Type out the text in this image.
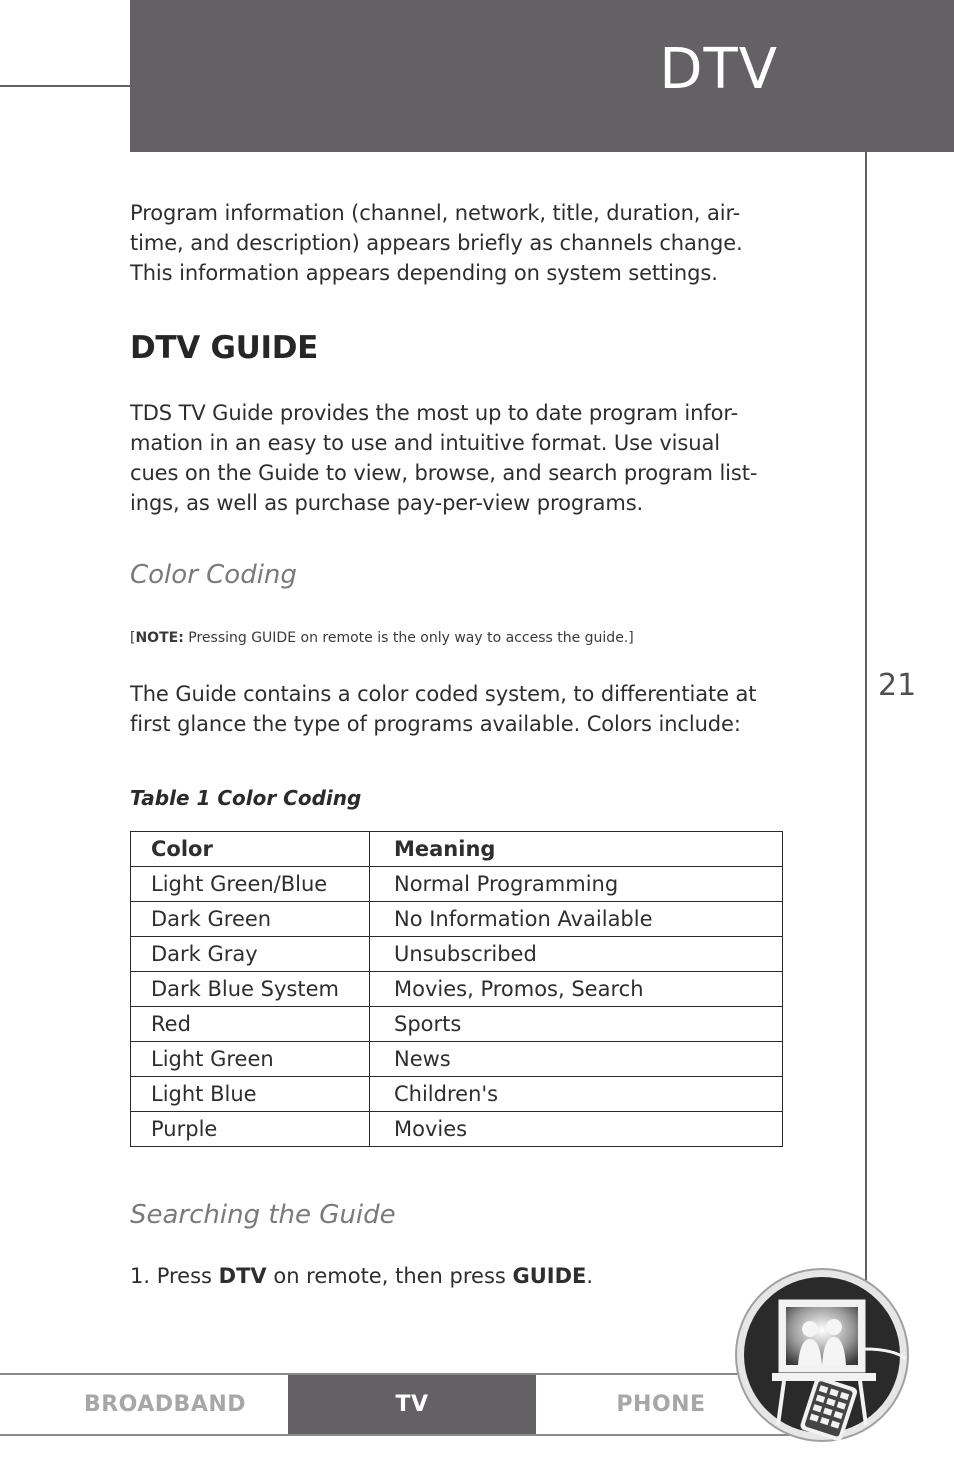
DTV
21

Program information (channel, network, title, duration, air-

time, and description) appears briefly as channels change.

This information appears depending on system settings.

DTV GUIDE

TDS TV Guide provides the most up to date program infor-

mation in an easy to use and intuitive format. Use visual

cues on the Guide to view, browse, and search program list-

ings, as well as purchase pay-per-view programs.

Color Coding

[NOTE: Pressing GUIDE on remote is the only way to access the guide.]

The Guide contains a color coded system, to differentiate at

first glance the type of programs available. Colors include:

Table 1 Color Coding

Color	Meaning
Light Green/Blue	Normal Programming
Dark Green	No Information Available
Dark Gray	Unsubscribed
Dark Blue System	Movies, Promos, Search
Red	Sports
Light Green	News
Light Blue	Children's
Purple	Movies
Searching the Guide

1. Press DTV on remote, then press GUIDE.

BROADBAND	TV	PHONE
